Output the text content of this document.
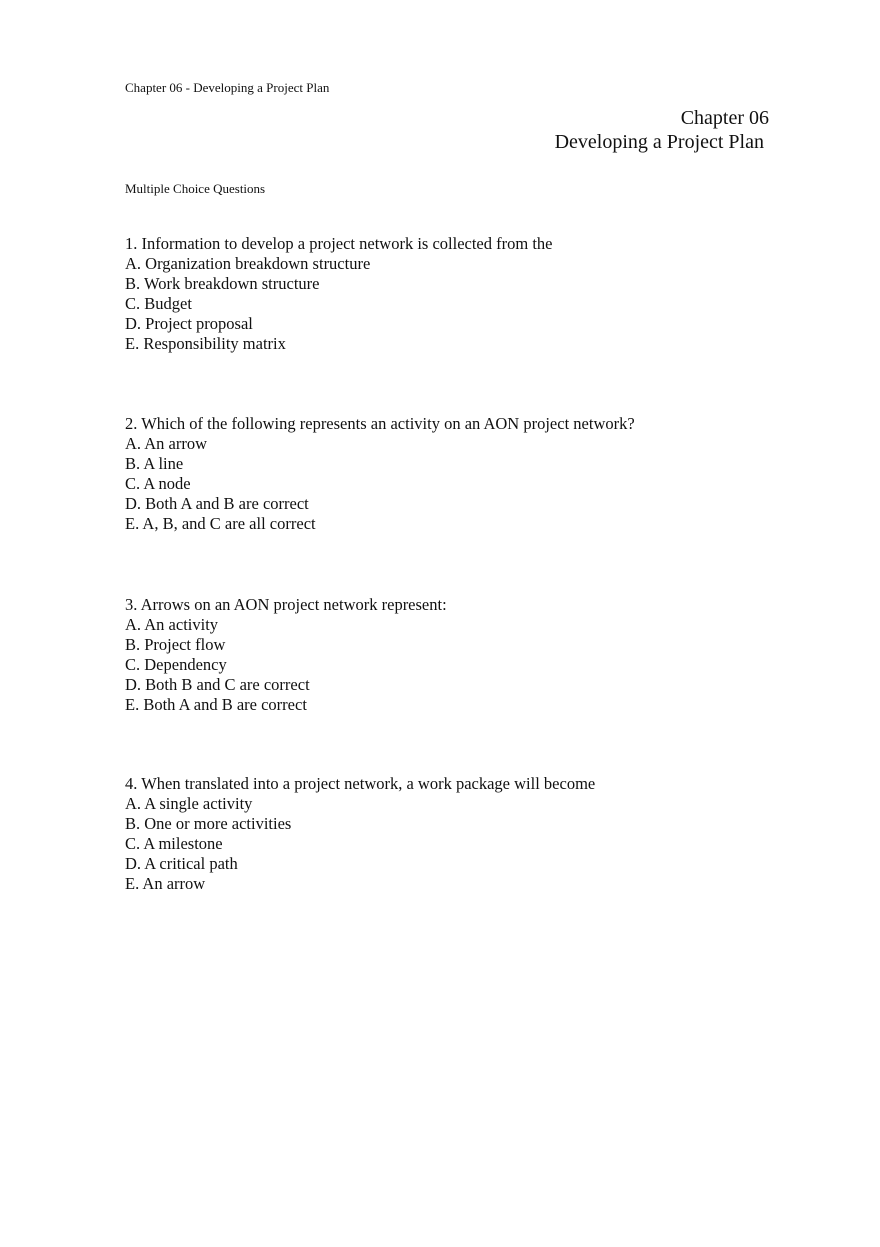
Chapter 06 - Developing a Project Plan
Chapter 06
Developing a Project Plan
Multiple Choice Questions
1. Information to develop a project network is collected from the
A. Organization breakdown structure
B. Work breakdown structure
C. Budget
D. Project proposal
E. Responsibility matrix
2. Which of the following represents an activity on an AON project network?
A. An arrow
B. A line
C. A node
D. Both A and B are correct
E. A, B, and C are all correct
3. Arrows on an AON project network represent:
A. An activity
B. Project flow
C. Dependency
D. Both B and C are correct
E. Both A and B are correct
4. When translated into a project network, a work package will become
A. A single activity
B. One or more activities
C. A milestone
D. A critical path
E. An arrow
